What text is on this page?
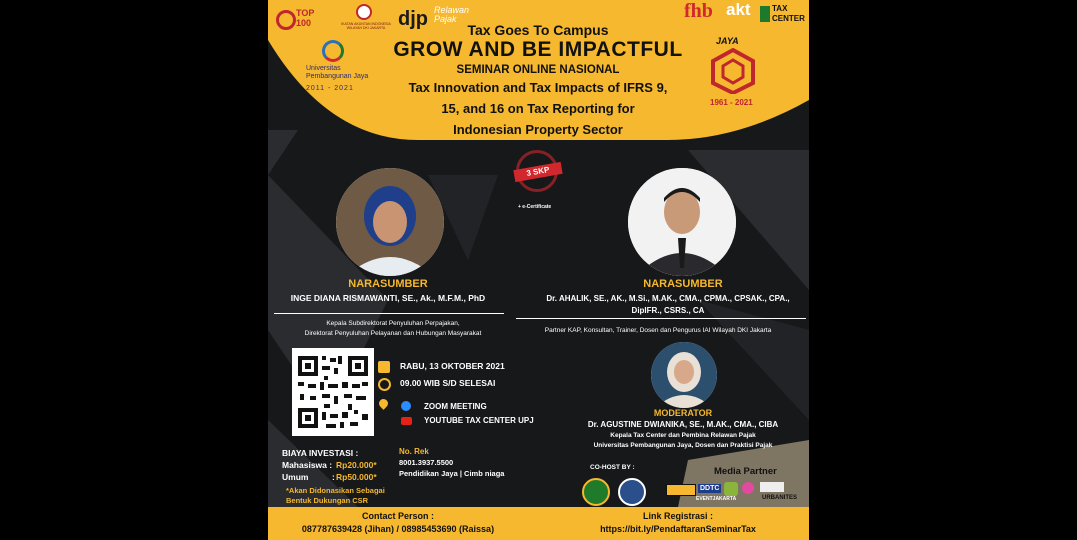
TOP 100	IKATAN AKUNTAN INDONESIA WILAYAH DKI JAKARTA djp Relawan Pajak	fhb akt	TAX CENTER
Universitas Pembangunan Jaya
2011 - 2021
JAYA
1961 - 2021
Tax Goes To Campus
GROW AND BE IMPACTFUL
SEMINAR ONLINE NASIONAL
Tax Innovation and Tax Impacts of IFRS 9,
15, and 16 on Tax Reporting for
Indonesian Property Sector
3 SKP
+ e-Certificate
NARASUMBER
INGE DIANA RISMAWANTI, SE., Ak., M.F.M., PhD
Kepala Subdirektorat Penyuluhan Perpajakan,
Direktorat Penyuluhan Pelayanan dan Hubungan Masyarakat
NARASUMBER
Dr. AHALIK, SE., AK., M.Si., M.AK., CMA., CPMA., CPSAK., CPA.,
DipIFR., CSRS., CA
Partner KAP, Konsultan, Trainer, Dosen dan Pengurus IAI Wilayah DKI Jakarta
MODERATOR
Dr. AGUSTINE DWIANIKA, SE., M.AK., CMA., CIBA
Kepala Tax Center dan Pembina Relawan Pajak
Universitas Pembangunan Jaya, Dosen dan Praktisi Pajak
RABU, 13 OKTOBER 2021
09.00 WIB S/D SELESAI
ZOOM MEETING
YOUTUBE TAX CENTER UPJ
BIAYA INVESTASI :
Mahasiswa : Rp20.000*
Umum	: Rp50.000*
*Akan Didonasikan Sebagai
Bentuk Dukungan CSR
No. Rek
8001.3937.5500
Pendidikan Jaya | Cimb niaga
CO-HOST BY :	Media Partner
DDTC
EVENTJAKARTA	URBANITES
Contact Person :
087787639428 (Jihan) / 08985453690 (Raissa)
Link Registrasi :
https://bit.ly/PendaftaranSeminarTax
